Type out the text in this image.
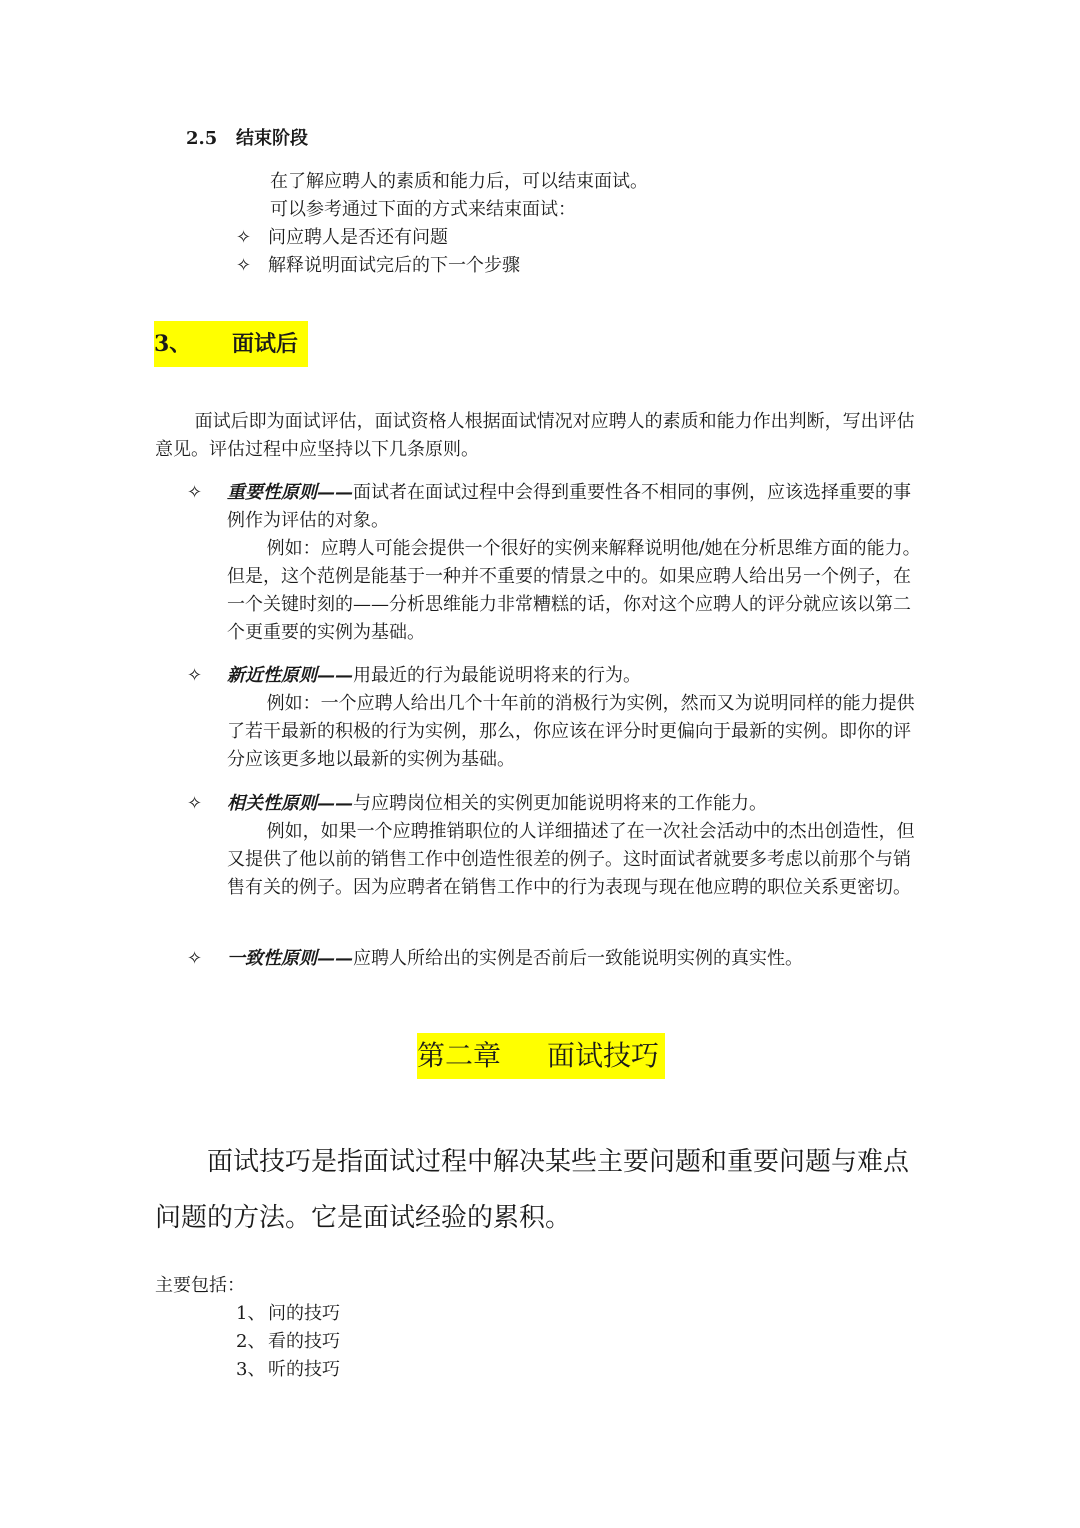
2.5 结束阶段
在了解应聘人的素质和能力后，可以结束面试。
可以参考通过下面的方式来结束面试：
✧ 问应聘人是否还有问题
✧ 解释说明面试完后的下一个步骤
3、 面试后

面试后即为面试评估，面试资格人根据面试情况对应聘人的素质和能力作出判断，写出评估意见。评估过程中应坚持以下几条原则。

✧ 重要性原则——面试者在面试过程中会得到重要性各不相同的事例，应该选择重要的事例作为评估的对象。

例如：应聘人可能会提供一个很好的实例来解释说明他/她在分析思维方面的能力。但是，这个范例是能基于一种并不重要的情景之中的。如果应聘人给出另一个例子，在一个关键时刻的——分析思维能力非常糟糕的话，你对这个应聘人的评分就应该以第二个更重要的实例为基础。

✧ 新近性原则——用最近的行为最能说明将来的行为。

例如：一个应聘人给出几个十年前的消极行为实例，然而又为说明同样的能力提供了若干最新的积极的行为实例，那么，你应该在评分时更偏向于最新的实例。即你的评分应该更多地以最新的实例为基础。

✧ 相关性原则——与应聘岗位相关的实例更加能说明将来的工作能力。

例如，如果一个应聘推销职位的人详细描述了在一次社会活动中的杰出创造性，但又提供了他以前的销售工作中创造性很差的例子。这时面试者就要多考虑以前那个与销售有关的例子。因为应聘者在销售工作中的行为表现与现在他应聘的职位关系更密切。

✧ 一致性原则——应聘人所给出的实例是否前后一致能说明实例的真实性。

第二章 面试技巧

面试技巧是指面试过程中解决某些主要问题和重要问题与难点问题的方法。它是面试经验的累积。

主要包括：
1、 问的技巧
2、 看的技巧
3、 听的技巧
